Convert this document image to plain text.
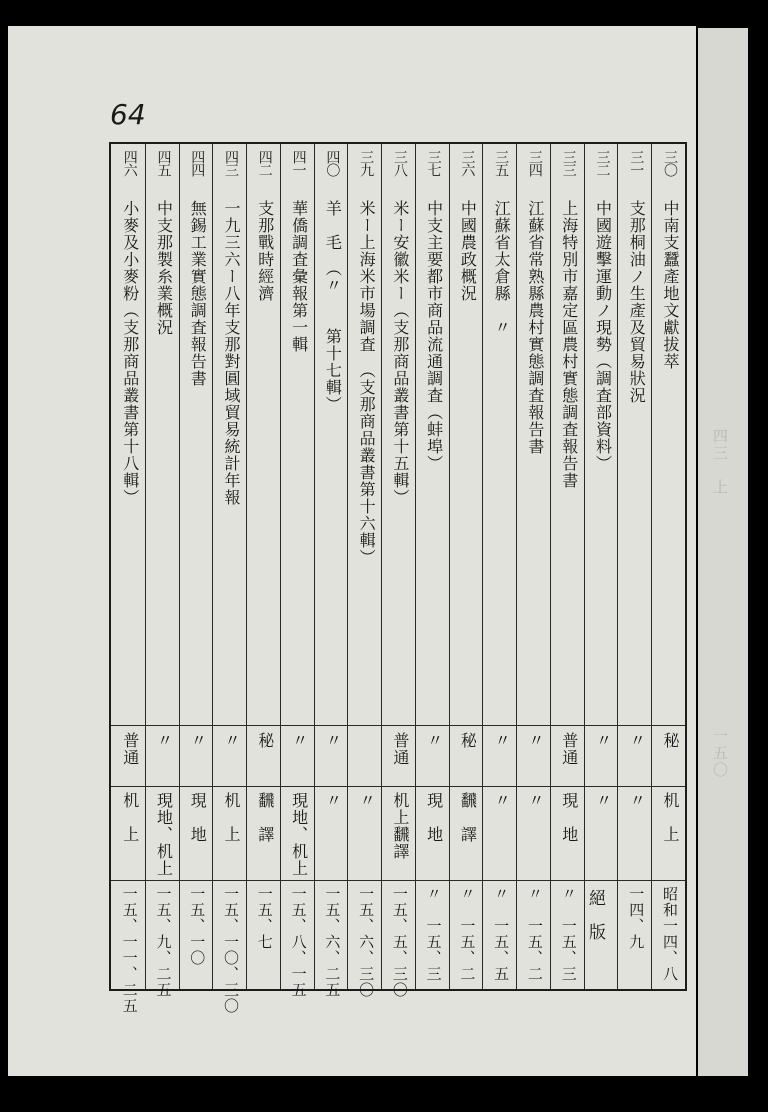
四三　上
一五〇
64
三〇
中南支蠶產地文獻拔萃
秘
机　上
昭和一四、八
三一
支那桐油ノ生產及貿易狀況
〃
〃
一四、九
三二
中國遊擊運動ノ現勢（調査部資料）
〃
〃
三三
上海特別市嘉定區農村實態調査報告書
普通
現　地
〃　一五、三
三四
江蘇省常熟縣農村實態調査報告書
〃
〃
〃　一五、二
三五
江蘇省太倉縣　〃
〃
〃
〃　一五、五
三六
中國農政概況
秘
飜　譯
〃　一五、二
三七
中支主要都市商品流通調査（蚌埠）
〃
現　地
〃　一五、三
三八
米ー安徽米ー（支那商品叢書第十五輯）
普通
机上飜譯
一五、五、三〇
三九
米ー上海米市場調査　（支那商品叢書第十六輯）
〃
一五、六、三〇
四〇
羊　毛　（〃　　第十七輯）
〃
〃
一五、六、二五
四一
華僑調査彙報第一輯
〃
現地、机上
一五、八、一五
四二
支那戰時經濟
秘
飜　譯
一五、七
四三
一九三六ー八年支那對圓域貿易統計年報
〃
机　上
一五、一〇、三〇
四四
無錫工業實態調査報告書
〃
現　地
一五、一〇
四五
中支那製糸業概況
〃
現地、机上
一五、九、二五
四六
小麥及小麥粉（支那商品叢書第十八輯）
普通
机　上
一五、一一、二五	絕　版
